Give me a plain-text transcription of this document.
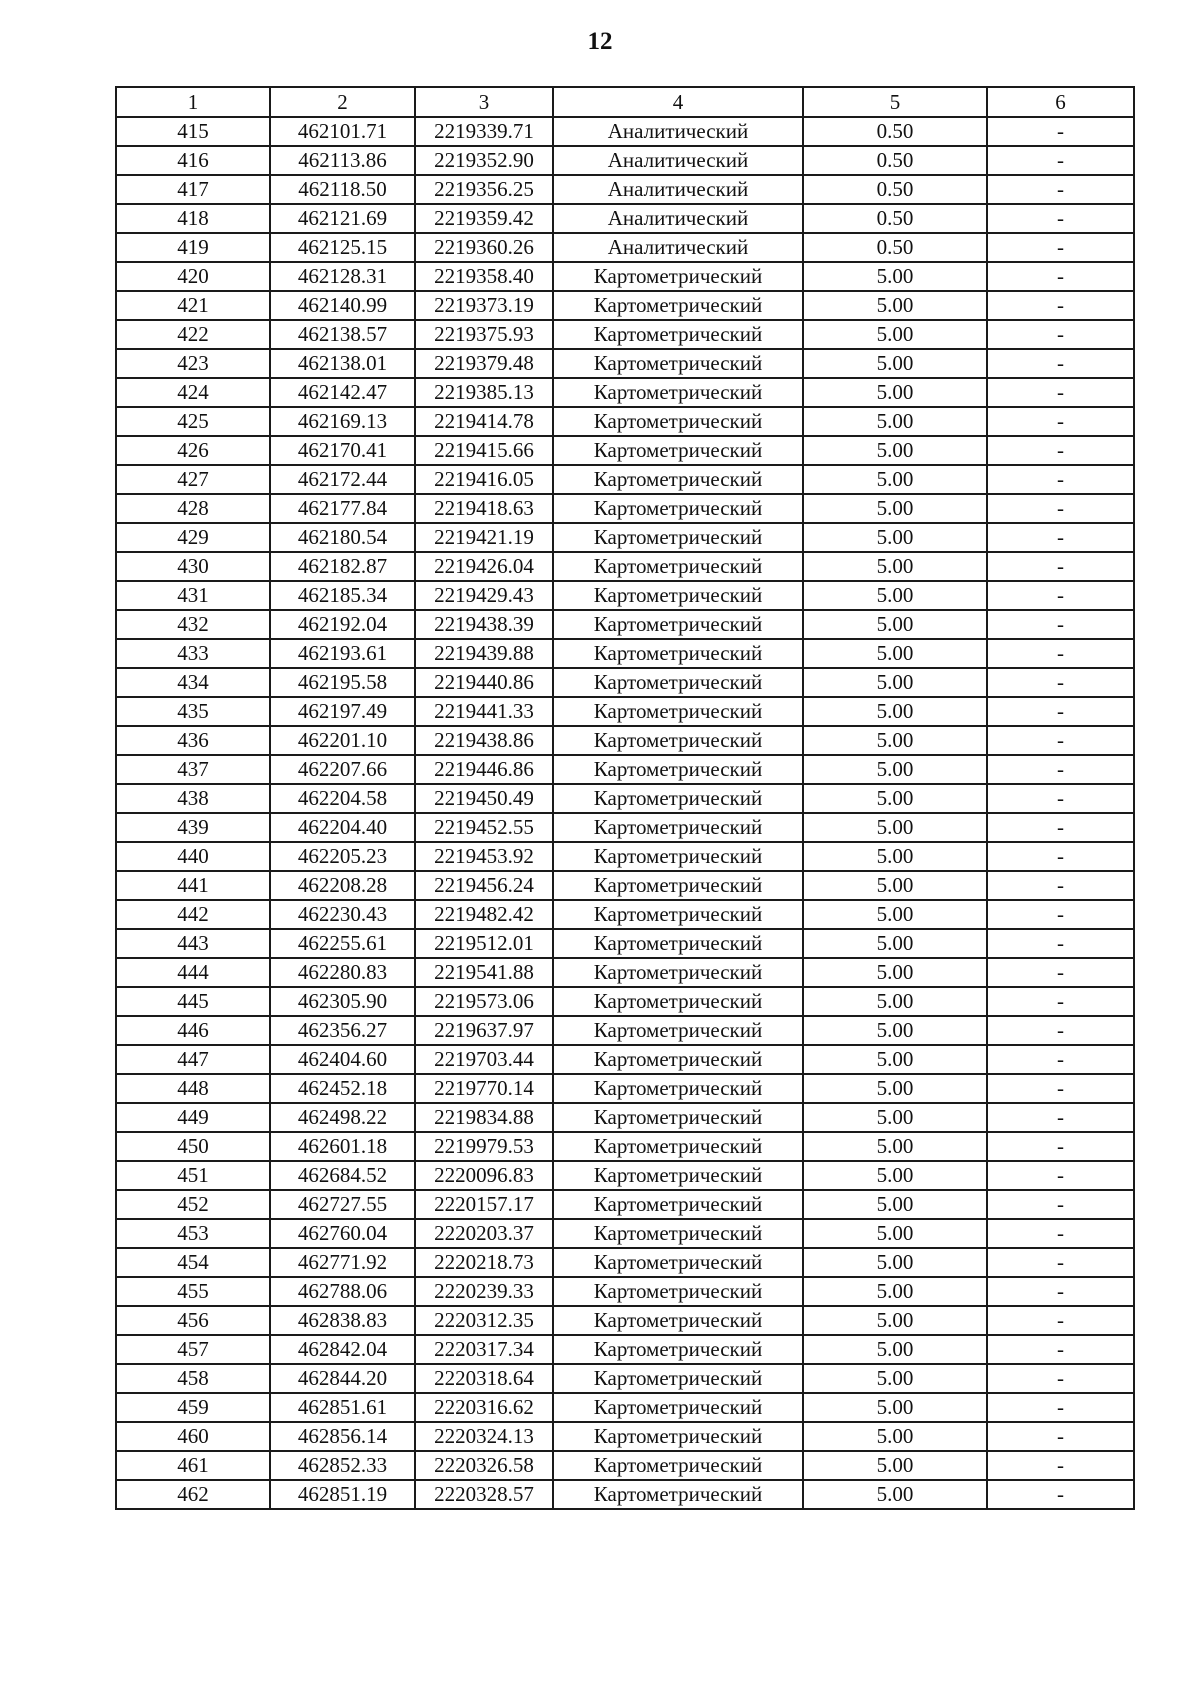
12
1	2	3	4	5	6
415	462101.71	2219339.71	Аналитический	0.50	-
416	462113.86	2219352.90	Аналитический	0.50	-
417	462118.50	2219356.25	Аналитический	0.50	-
418	462121.69	2219359.42	Аналитический	0.50	-
419	462125.15	2219360.26	Аналитический	0.50	-
420	462128.31	2219358.40	Картометрический	5.00	-
421	462140.99	2219373.19	Картометрический	5.00	-
422	462138.57	2219375.93	Картометрический	5.00	-
423	462138.01	2219379.48	Картометрический	5.00	-
424	462142.47	2219385.13	Картометрический	5.00	-
425	462169.13	2219414.78	Картометрический	5.00	-
426	462170.41	2219415.66	Картометрический	5.00	-
427	462172.44	2219416.05	Картометрический	5.00	-
428	462177.84	2219418.63	Картометрический	5.00	-
429	462180.54	2219421.19	Картометрический	5.00	-
430	462182.87	2219426.04	Картометрический	5.00	-
431	462185.34	2219429.43	Картометрический	5.00	-
432	462192.04	2219438.39	Картометрический	5.00	-
433	462193.61	2219439.88	Картометрический	5.00	-
434	462195.58	2219440.86	Картометрический	5.00	-
435	462197.49	2219441.33	Картометрический	5.00	-
436	462201.10	2219438.86	Картометрический	5.00	-
437	462207.66	2219446.86	Картометрический	5.00	-
438	462204.58	2219450.49	Картометрический	5.00	-
439	462204.40	2219452.55	Картометрический	5.00	-
440	462205.23	2219453.92	Картометрический	5.00	-
441	462208.28	2219456.24	Картометрический	5.00	-
442	462230.43	2219482.42	Картометрический	5.00	-
443	462255.61	2219512.01	Картометрический	5.00	-
444	462280.83	2219541.88	Картометрический	5.00	-
445	462305.90	2219573.06	Картометрический	5.00	-
446	462356.27	2219637.97	Картометрический	5.00	-
447	462404.60	2219703.44	Картометрический	5.00	-
448	462452.18	2219770.14	Картометрический	5.00	-
449	462498.22	2219834.88	Картометрический	5.00	-
450	462601.18	2219979.53	Картометрический	5.00	-
451	462684.52	2220096.83	Картометрический	5.00	-
452	462727.55	2220157.17	Картометрический	5.00	-
453	462760.04	2220203.37	Картометрический	5.00	-
454	462771.92	2220218.73	Картометрический	5.00	-
455	462788.06	2220239.33	Картометрический	5.00	-
456	462838.83	2220312.35	Картометрический	5.00	-
457	462842.04	2220317.34	Картометрический	5.00	-
458	462844.20	2220318.64	Картометрический	5.00	-
459	462851.61	2220316.62	Картометрический	5.00	-
460	462856.14	2220324.13	Картометрический	5.00	-
461	462852.33	2220326.58	Картометрический	5.00	-
462	462851.19	2220328.57	Картометрический	5.00	-
